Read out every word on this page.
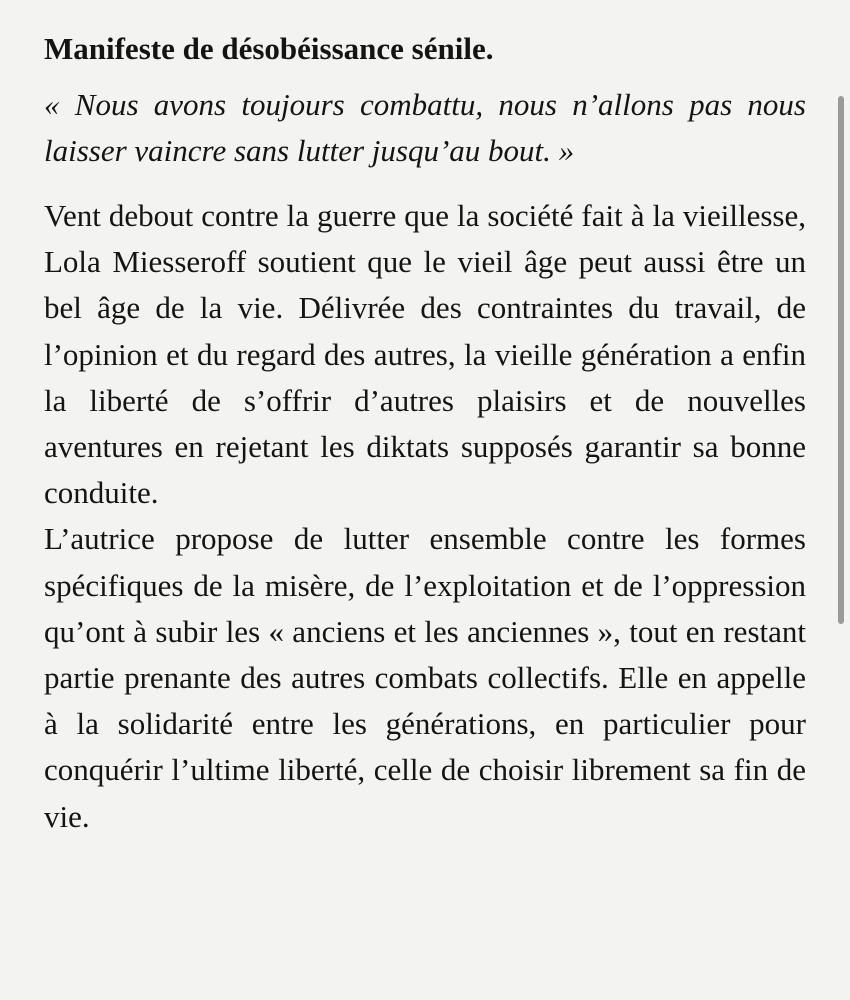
Manifeste de désobéissance sénile.

« Nous avons toujours combattu, nous n’allons pas nous laisser vaincre sans lutter jusqu’au bout. »

Vent debout contre la guerre que la société fait à la vieillesse, Lola Miesseroff soutient que le vieil âge peut aussi être un bel âge de la vie. Délivrée des contraintes du travail, de l’opinion et du regard des autres, la vieille génération a enfin la liberté de s’offrir d’autres plaisirs et de nouvelles aventures en rejetant les diktats supposés garantir sa bonne conduite.

L’autrice propose de lutter ensemble contre les formes spécifiques de la misère, de l’exploitation et de l’oppression qu’ont à subir les « anciens et les anciennes », tout en restant partie prenante des autres combats collectifs. Elle en appelle à la solidarité entre les générations, en particulier pour conquérir l’ultime liberté, celle de choisir librement sa fin de vie.
